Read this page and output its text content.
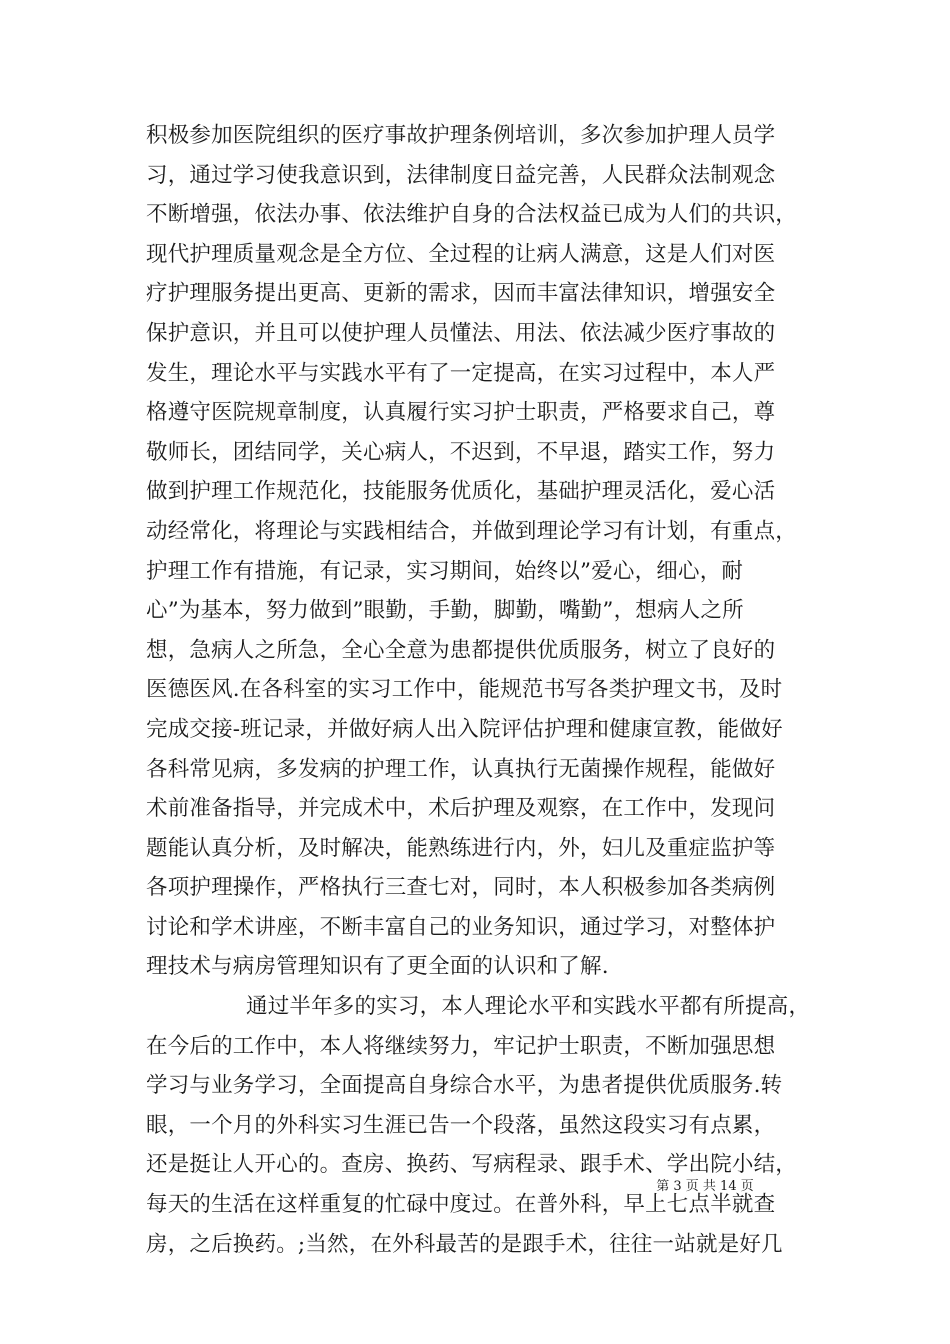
积极参加医院组织的医疗事故护理条例培训，多次参加护理人员学
习，通过学习使我意识到，法律制度日益完善，人民群众法制观念
不断增强，依法办事、依法维护自身的合法权益已成为人们的共识，
现代护理质量观念是全方位、全过程的让病人满意，这是人们对医
疗护理服务提出更高、更新的需求，因而丰富法律知识，增强安全
保护意识，并且可以使护理人员懂法、用法、依法减少医疗事故的
发生，理论水平与实践水平有了一定提高，在实习过程中，本人严
格遵守医院规章制度，认真履行实习护士职责，严格要求自己，尊
敬师长，团结同学，关心病人，不迟到，不早退，踏实工作，努力
做到护理工作规范化，技能服务优质化，基础护理灵活化，爱心活
动经常化，将理论与实践相结合，并做到理论学习有计划，有重点，
护理工作有措施，有记录，实习期间，始终以”爱心，细心，耐
心”为基本，努力做到”眼勤，手勤，脚勤，嘴勤”，想病人之所
想，急病人之所急，全心全意为患都提供优质服务，树立了良好的
医德医风.在各科室的实习工作中，能规范书写各类护理文书，及时
完成交接-班记录，并做好病人出入院评估护理和健康宣教，能做好
各科常见病，多发病的护理工作，认真执行无菌操作规程，能做好
术前准备指导，并完成术中，术后护理及观察，在工作中，发现问
题能认真分析，及时解决，能熟练进行内，外，妇儿及重症监护等
各项护理操作，严格执行三查七对，同时，本人积极参加各类病例
讨论和学术讲座，不断丰富自己的业务知识，通过学习，对整体护
理技术与病房管理知识有了更全面的认识和了解.
通过半年多的实习，本人理论水平和实践水平都有所提高，
在今后的工作中，本人将继续努力，牢记护士职责，不断加强思想
学习与业务学习，全面提高自身综合水平，为患者提供优质服务.转
眼，一个月的外科实习生涯已告一个段落，虽然这段实习有点累，
还是挺让人开心的。查房、换药、写病程录、跟手术、学出院小结，
每天的生活在这样重复的忙碌中度过。在普外科，早上七点半就查
房，之后换药。;当然，在外科最苦的是跟手术，往往一站就是好几
第 3 页 共 14 页
